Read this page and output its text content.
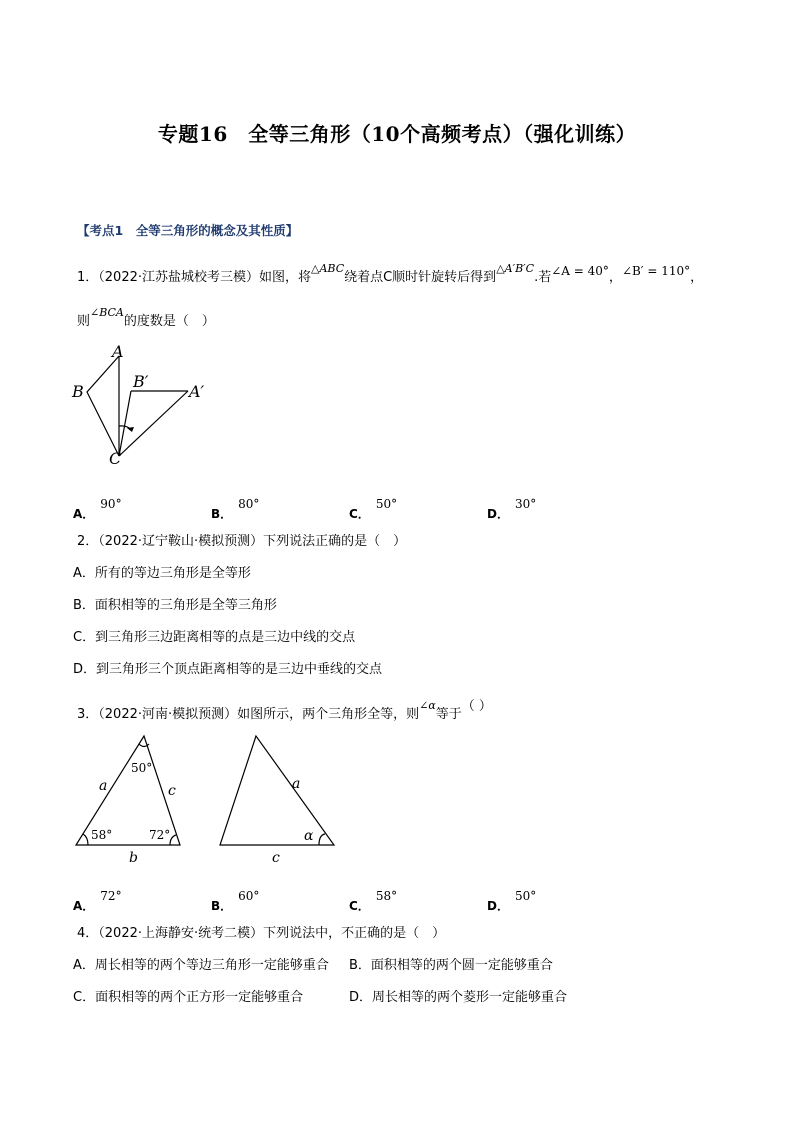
专题16　全等三角形（10个高频考点）（强化训练）
【考点1　全等三角形的概念及其性质】
1．（2022·江苏盐城校考三模）如图，将$^{\triangle ABC}$绕着点C顺时针旋转后得到$^{\triangle A'B'C}$.若∠A = 40°，∠B′ = 110°，
则$^{\angle BCA}$的度数是（　）
A
B
C
B′
A′
A．$^{90^\circ}$
B．$^{80^\circ}$
C．$^{50^\circ}$
D．$^{30^\circ}$
2．（2022·辽宁鞍山·模拟预测）下列说法正确的是（　）
A．所有的等边三角形是全等形
B．面积相等的三角形是全等三角形
C．到三角形三边距离相等的点是三边中线的交点
D．到三角形三个顶点距离相等的是三边中垂线的交点
3．（2022·河南·模拟预测）如图所示，两个三角形全等，则$^{\angle\alpha}$等于（ ）
50°
58°	72°
a	c
b
a
c
α
A．$^{72^\circ}$
B．$^{60^\circ}$
C．$^{58^\circ}$
D．$^{50^\circ}$
4．（2022·上海静安·统考二模）下列说法中，不正确的是（　）
A．周长相等的两个等边三角形一定能够重合 B．面积相等的两个圆一定能够重合
C．面积相等的两个正方形一定能够重合	D．周长相等的两个菱形一定能够重合
